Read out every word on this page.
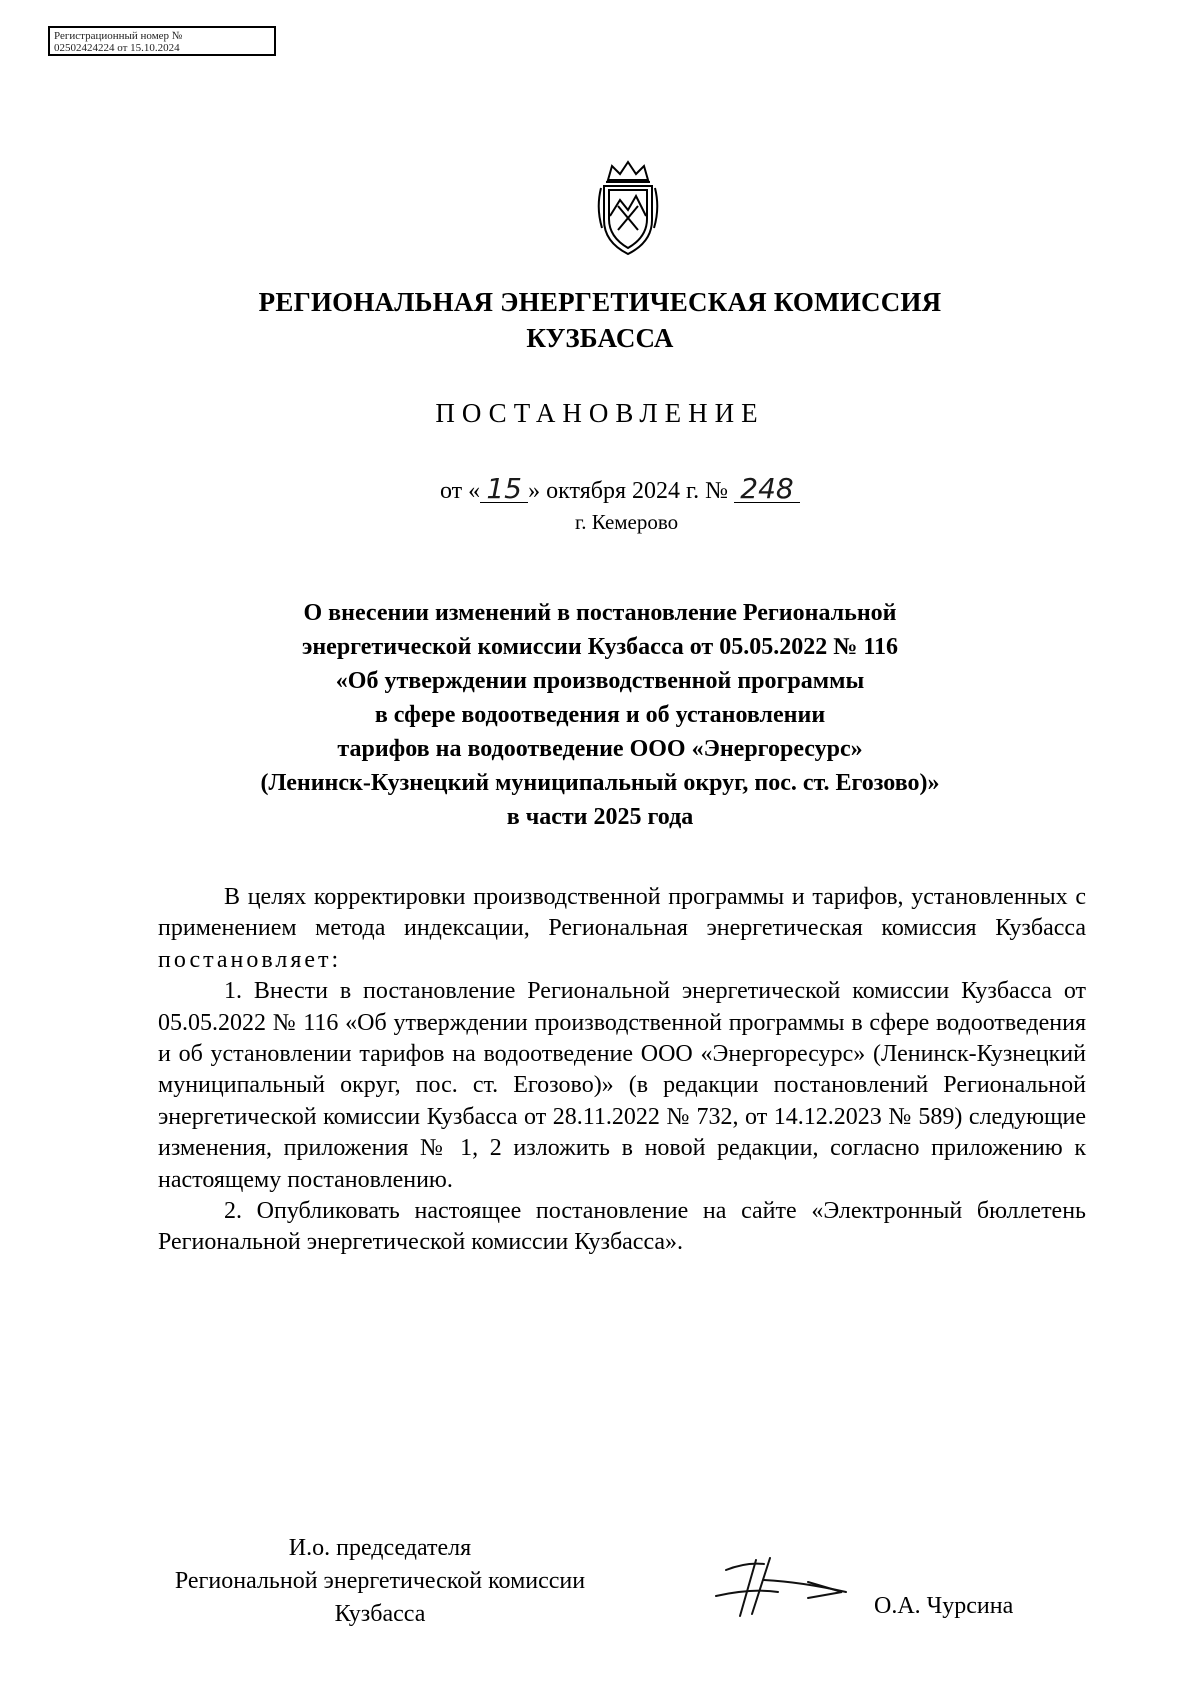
Регистрационный номер №
02502424224 от 15.10.2024
РЕГИОНАЛЬНАЯ ЭНЕРГЕТИЧЕСКАЯ КОМИССИЯ
КУЗБАССА
ПОСТАНОВЛЕНИЕ
от « 15 » октября 2024 г. № 248
г. Кемерово
О внесении изменений в постановление Региональной
энергетической комиссии Кузбасса от 05.05.2022 № 116
«Об утверждении производственной программы
в сфере водоотведения и об установлении
тарифов на водоотведение ООО «Энергоресурс»
(Ленинск-Кузнецкий муниципальный округ, пос. ст. Егозово)»
в части 2025 года

В целях корректировки производственной программы и тарифов, установленных с применением метода индексации, Региональная энергетическая комиссия Кузбасса постановляет:

1. Внести в постановление Региональной энергетической комиссии Кузбасса от 05.05.2022 № 116 «Об утверждении производственной программы в сфере водоотведения и об установлении тарифов на водоотведение ООО «Энергоресурс» (Ленинск-Кузнецкий муниципальный округ, пос. ст. Егозово)» (в редакции постановлений Региональной энергетической комиссии Кузбасса от 28.11.2022 № 732, от 14.12.2023 № 589) следующие изменения, приложения № 1, 2 изложить в новой редакции, согласно приложению к настоящему постановлению.

2. Опубликовать настоящее постановление на сайте «Электронный бюллетень Региональной энергетической комиссии Кузбасса».

И.о. председателя
Региональной энергетической комиссии
Кузбасса	О.А. Чурсина
